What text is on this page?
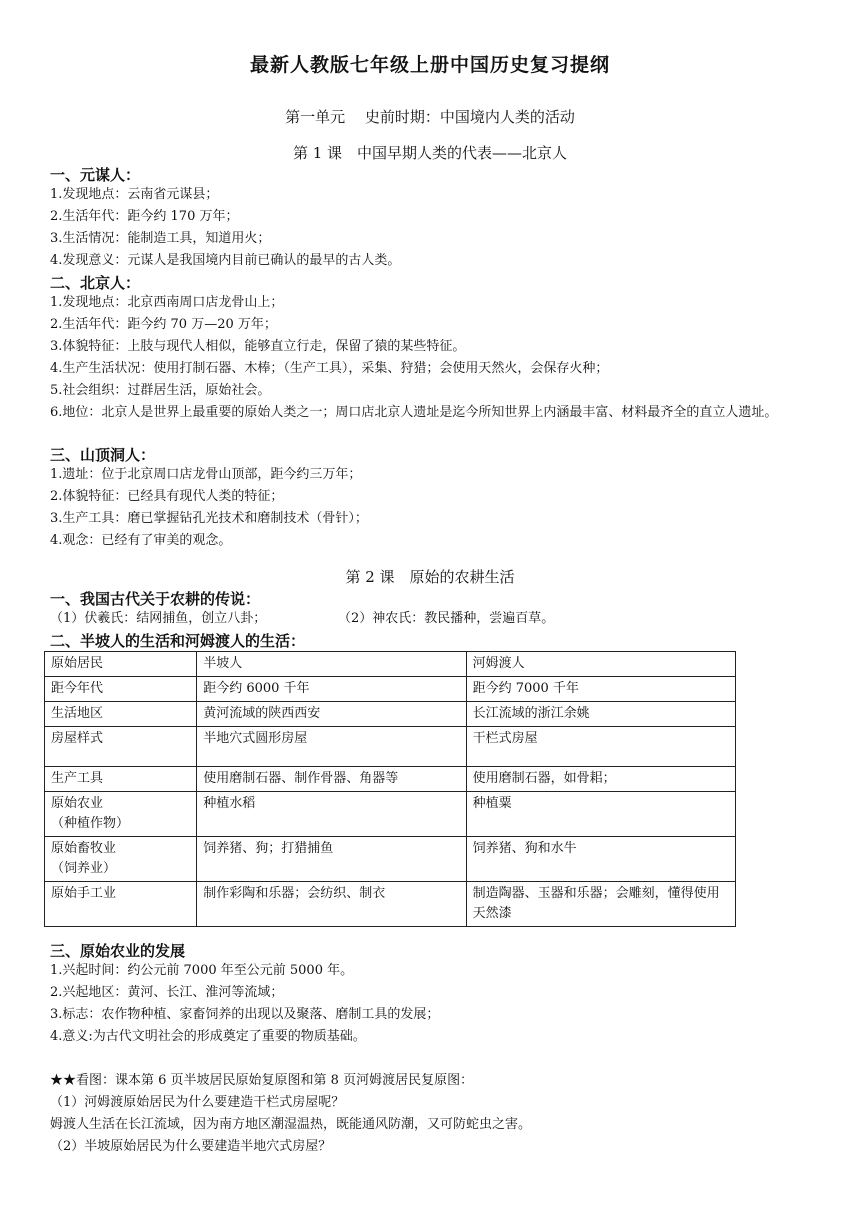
最新人教版七年级上册中国历史复习提纲
第一单元　 史前时期：中国境内人类的活动
第 1 课　中国早期人类的代表——北京人
一、元谋人：
1.发现地点：云南省元谋县；
2.生活年代：距今约 170 万年；
3.生活情况：能制造工具，知道用火；
4.发现意义：元谋人是我国境内目前已确认的最早的古人类。
二、北京人：
1.发现地点：北京西南周口店龙骨山上；
2.生活年代：距今约 70 万—20 万年；
3.体貌特征：上肢与现代人相似，能够直立行走，保留了猿的某些特征。
4.生产生活状况：使用打制石器、木棒；（生产工具），采集、狩猎；会使用天然火，会保存火种；
5.社会组织：过群居生活，原始社会。
6.地位：北京人是世界上最重要的原始人类之一；周口店北京人遗址是迄今所知世界上内涵最丰富、材料最齐全的直立人遗址。
三、山顶洞人：
1.遗址：位于北京周口店龙骨山顶部，距今约三万年；
2.体貌特征：已经具有现代人类的特征；
3.生产工具：磨已掌握钻孔光技术和磨制技术（骨针）；
4.观念：已经有了审美的观念。
第 2 课　原始的农耕生活
一、我国古代关于农耕的传说：
（1）伏羲氏：结网捕鱼，创立八卦；	（2）神农氏：教民播种，尝遍百草。
二、半坡人的生活和河姆渡人的生活：
原始居民	半坡人	河姆渡人
距今年代	距今约 6000 千年	距今约 7000 千年
生活地区	黄河流域的陕西西安	长江流域的浙江余姚
房屋样式	半地穴式圆形房屋	干栏式房屋
生产工具	使用磨制石器、制作骨器、角器等	使用磨制石器，如骨耜；

原始农业
（种植作物）	种植水稻	种植粟

原始畜牧业
（饲养业）	饲养猪、狗；打猎捕鱼	饲养猪、狗和水牛
原始手工业	制作彩陶和乐器；会纺织、制衣	制造陶器、玉器和乐器；会雕刻，懂得使用天然漆
三、原始农业的发展
1.兴起时间：约公元前 7000 年至公元前 5000 年。
2.兴起地区：黄河、长江、淮河等流域；
3.标志：农作物种植、家畜饲养的出现以及聚落、磨制工具的发展；
4.意义:为古代文明社会的形成奠定了重要的物质基础。
★★看图：课本第 6 页半坡居民原始复原图和第 8 页河姆渡居民复原图：
（1）河姆渡原始居民为什么要建造干栏式房屋呢？
姆渡人生活在长江流域，因为南方地区潮湿温热，既能通风防潮，又可防蛇虫之害。
（2）半坡原始居民为什么要建造半地穴式房屋？
